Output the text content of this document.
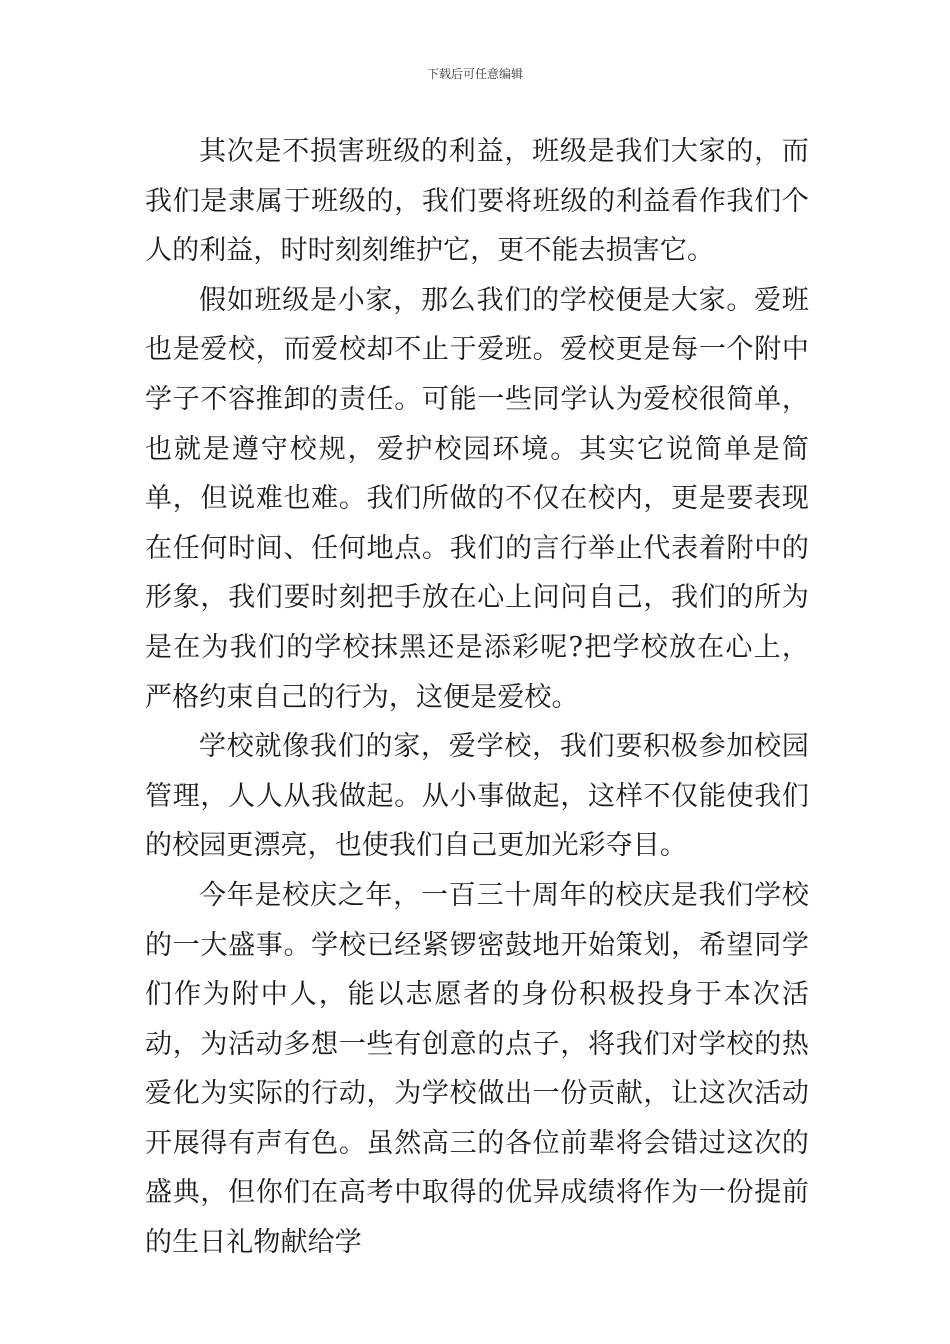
下载后可任意编辑

其次是不损害班级的利益，班级是我们大家的，而我们是隶属于班级的，我们要将班级的利益看作我们个人的利益，时时刻刻维护它，更不能去损害它。

假如班级是小家，那么我们的学校便是大家。爱班也是爱校，而爱校却不止于爱班。爱校更是每一个附中学子不容推卸的责任。可能一些同学认为爱校很简单，也就是遵守校规，爱护校园环境。其实它说简单是简单，但说难也难。我们所做的不仅在校内，更是要表现在任何时间、任何地点。我们的言行举止代表着附中的形象，我们要时刻把手放在心上问问自己，我们的所为是在为我们的学校抹黑还是添彩呢?把学校放在心上，严格约束自己的行为，这便是爱校。

学校就像我们的家，爱学校，我们要积极参加校园管理，人人从我做起。从小事做起，这样不仅能使我们的校园更漂亮，也使我们自己更加光彩夺目。

今年是校庆之年，一百三十周年的校庆是我们学校的一大盛事。学校已经紧锣密鼓地开始策划，希望同学们作为附中人，能以志愿者的身份积极投身于本次活动，为活动多想一些有创意的点子，将我们对学校的热爱化为实际的行动，为学校做出一份贡献，让这次活动开展得有声有色。虽然高三的各位前辈将会错过这次的盛典，但你们在高考中取得的优异成绩将作为一份提前的生日礼物献给学
